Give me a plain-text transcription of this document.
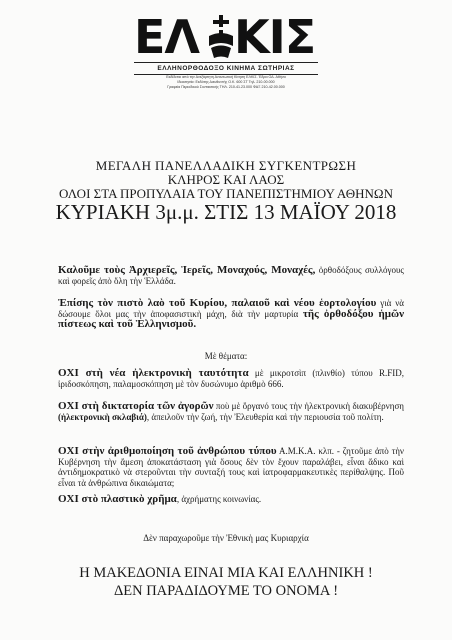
ΕΛ ΚΙΣ
ΕΛΛΗΝΟΡΘΟΔΟΞΟ ΚΙΝΗΜΑ ΣΩΤΗΡΙΑΣ
Εκδίδεται από την Ανεξάρτητη Ανανεωτική Κίνηση ΕΛΚΙΣ. Έδρα ΟΔ. Αθήνα
Ιδιοκτησία: Εκδότης Διευθυντής Ο.Κ. 600 ΣΤ Τηλ. 210-00.000
Γραφεία Περιοδικού Συντακτικής ΤΗΛ. 210-41.23.000 ΦΑΞ 210-42.00.000
ΜΕΓΑΛΗ ΠΑΝΕΛΛΑΔΙΚΗ ΣΥΓΚΕΝΤΡΩΣΗ
ΚΛΗΡΟΣ ΚΑΙ ΛΑΟΣ
ΟΛΟΙ ΣΤΑ ΠΡΟΠΥΛΑΙΑ ΤΟΥ ΠΑΝΕΠΙΣΤΗΜΙΟΥ ΑΘΗΝΩΝ
ΚΥΡΙΑΚΗ 3μ.μ. ΣΤΙΣ 13 ΜΑΪΟΥ 2018
Καλοῦμε τοὺς Ἀρχιερεῖς, Ἱερεῖς, Μοναχούς, Μοναχές, ὀρθοδόξους συλλόγους καὶ φορεῖς ἀπὸ ὅλη τὴν Ἑλλάδα.
Ἐπίσης τὸν πιστὸ λαὸ τοῦ Κυρίου, παλαιοῦ καὶ νέου ἑορτολογίου γιὰ νὰ δώσουμε ὅλοι μας τὴν ἀποφασιστικὴ μάχη, διὰ τὴν μαρτυρία τῆς ὀρθοδόξου ἡμῶν πίστεως καὶ τοῦ Ἑλληνισμοῦ.
Μὲ θέματα:
ΟΧΙ στὴ νέα ἠλεκτρονικὴ ταυτότητα μὲ μικροτσὶπ (πλινθίο) τύπου R.FID, ἱριδοσκόπηση, παλαμοσκόπηση μὲ τὸν δυσώνυμο ἀριθμὸ 666.
ΟΧΙ στὴ δικτατορία τῶν ἀγορῶν ποὺ μὲ ὄργανό τους τὴν ἠλεκτρονικὴ διακυβέρνηση (ἠλεκτρονικὴ σκλαβιά), ἀπειλοῦν τὴν ζωή, τὴν Ἐλευθερία καὶ τὴν περιουσία τοῦ πολίτη.
ΟΧΙ στὴν ἀριθμοποίηση τοῦ ἀνθρώπου τύπου Α.Μ.Κ.Α. κλπ. - ζητοῦμε ἀπὸ τὴν Κυβέρνηση τὴν ἄμεση ἀποκατάσταση γιὰ ὅσους δὲν τὸν ἔχουν παραλάβει, εἶναι ἄδικο καὶ ἀντιδημοκρατικὸ νὰ στεροῦνται τὴν συνταξή τους καὶ ἰατροφαρμακευτικὲς περίθαλψης. Ποῦ εἶναι τὰ ἀνθρώπινα δικαιώματα;
ΟΧΙ στὸ πλαστικὸ χρῆμα, ἀχρήματης κοινωνίας.
Δὲν παραχωροῦμε τὴν Ἐθνικὴ μας Κυριαρχία
Η ΜΑΚΕΔΟΝΙΑ ΕΙΝΑΙ ΜΙΑ ΚΑΙ ΕΛΛΗΝΙΚΗ !
ΔΕΝ ΠΑΡΑΔΙΔΟΥΜΕ ΤΟ ΟΝΟΜΑ !
